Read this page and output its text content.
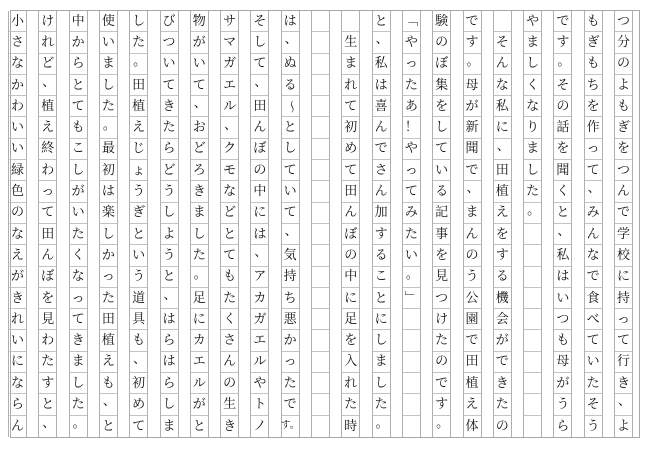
つ
分
の
よ
も
ぎ
を
つ
ん
で
学
校
に
持
っ
て
行
き
、
よ
も
ぎ
も
ち
を
作
っ
て
、
み
ん
な
で
食
べ
て
い
た
そ
う
で
す
。
そ
の
話
を
聞
く
と
、
私
は
い
つ
も
母
が
う
ら
や
ま
し
く
な
り
ま
し
た
。

そ
ん
な
私
に
、
田
植
え
を
す
る
機
会
が
で
き
た
の
で
す
。
母
が
新
聞
で
、
ま
ん
の
う
公
園
で
田
植
え
体
験
の
ぼ
集
を
し
て
い
る
記
事
を
見
つ
け
た
の
で
す
。
﹁
や
っ
た
あ
！
や
っ
て
み
た
い
。
﹂
と
、
私
は
喜
ん
で
さ
ん
加
す
る
こ
と
に
し
ま
し
た
。

生
ま
れ
て
初
め
て
田
ん
ぼ
の
中
に
足
を
入
れ
た
時
は
、
ぬ
る
～
と
し
て
い
て
、
気
持
ち
悪
か
っ
た
で
す。
そ
し
て
、
田
ん
ぼ
の
中
に
は
、
ア
カ
ガ
エ
ル
や
ト
ノ
サ
マ
ガ
エ
ル
、
ク
モ
な
ど
と
て
も
た
く
さ
ん
の
生
き
物
が
い
て
、
お
ど
ろ
き
ま
し
た
。
足
に
カ
エ
ル
が
と
び
つ
い
て
き
た
ら
ど
う
し
よ
う
と
、
は
ら
は
ら
し
ま
し
た
。
田
植
え
じ
ょ
う
ぎ
と
い
う
道
具
も
、
初
め
て
使
い
ま
し
た
。
最
初
は
楽
し
か
っ
た
田
植
え
も
、
と
中
か
ら
と
て
も
こ
し
が
い
た
く
な
っ
て
き
ま
し
た
。
け
れ
ど
、
植
え
終
わ
っ
て
田
ん
ぼ
を
見
わ
た
す
と
、
小
さ
な
か
わ
い
い
緑
色
の
な
え
が
き
れ
い
に
な
ら
ん
